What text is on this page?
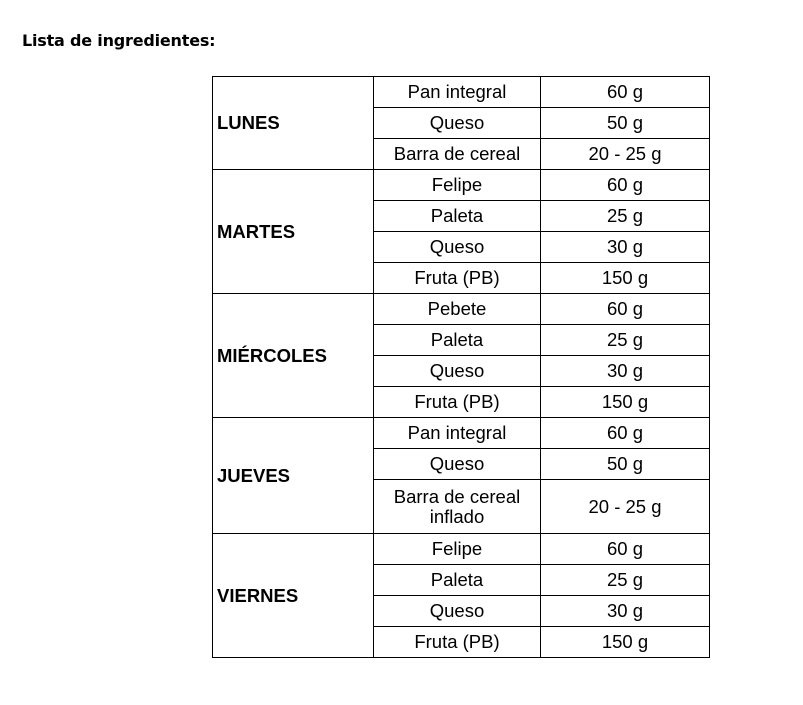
Lista de ingredientes:
LUNES	Pan integral	60 g
	Queso	50 g
	Barra de cereal	20 - 25 g
MARTES	Felipe	60 g
	Paleta	25 g
	Queso	30 g
	Fruta (PB)	150 g
MIÉRCOLES	Pebete	60 g
	Paleta	25 g
	Queso	30 g
	Fruta (PB)	150 g
JUEVES	Pan integral	60 g
	Queso	50 g
	Barra de cereal inflado	20 - 25 g
VIERNES	Felipe	60 g
	Paleta	25 g
	Queso	30 g
	Fruta (PB)	150 g
